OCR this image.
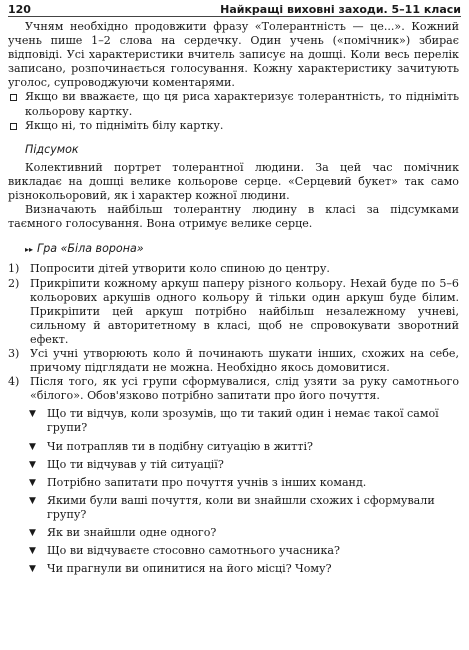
120	Найкращі виховні заходи. 5–11 класи

Учням необхідно продовжити фразу «Толерантність — це...». Кожний учень пише 1–2 слова на сердечку. Один учень («помічник») збирає відповіді. Усі характеристики вчитель записує на дошці. Коли весь перелік записано, розпочинається голосування. Кожну характеристику зачитують уголос, супроводжуючи коментарями.

Якщо ви вважаєте, що ця риса характеризує толерантність, то підніміть кольорову картку.

Якщо ні, то підніміть білу картку.

Підсумок

Колективний портрет толерантної людини. За цей час помічник викладає на дошці велике кольорове серце. «Серцевий букет» так само різнокольоровий, як і характер кожної людини.

Визначають найбільш толерантну людину в класі за підсумками таємного голосування. Вона отримує велике серце.

▸▸ Гра «Біла ворона»

1) Попросити дітей утворити коло спиною до центру.

2) Прикріпити кожному аркуш паперу різного кольору. Нехай буде по 5–6 кольорових аркушів одного кольору й тільки один аркуш буде білим. Прикріпити цей аркуш потрібно найбільш незалежному учневі, сильному й авторитетному в класі, щоб не спровокувати зворотний ефект.

3) Усі учні утворюють коло й починають шукати інших, схожих на себе, причому підглядати не можна. Необхідно якось домовитися.

4) Після того, як усі групи сформувалися, слід узяти за руку самотнього «білого». Обов'язково потрібно запитати про його почуття.

▼ Що ти відчув, коли зрозумів, що ти такий один і немає такої самої групи?

▼ Чи потрапляв ти в подібну ситуацію в житті?

▼ Що ти відчував у тій ситуації?

▼ Потрібно запитати про почуття учнів з інших команд.

▼ Якими були ваші почуття, коли ви знайшли схожих і сформували групу?

▼ Як ви знайшли одне одного?

▼ Що ви відчуваєте стосовно самотнього учасника?

▼ Чи прагнули ви опинитися на його місці? Чому?
